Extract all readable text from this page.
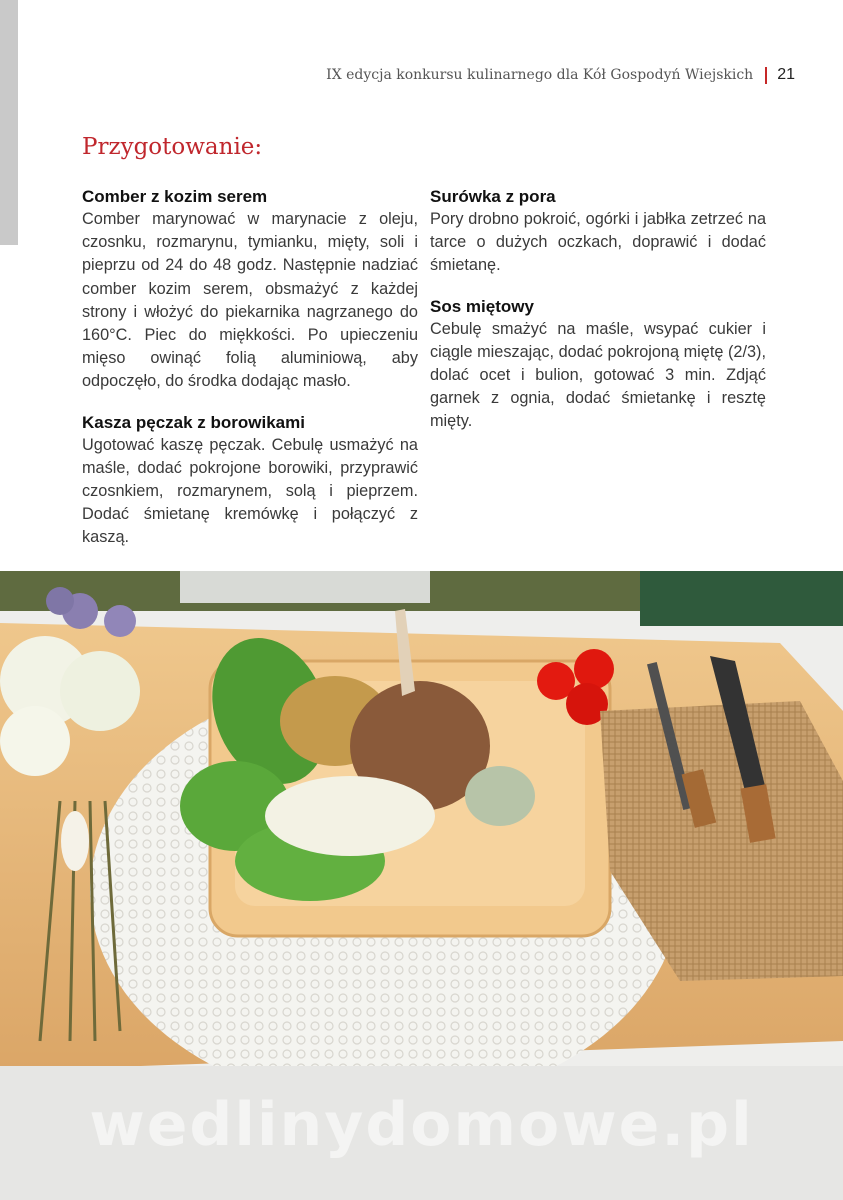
IX edycja konkursu kulinarnego dla Kół Gospodyń Wiejskich 21
Przygotowanie:
Comber z kozim serem

Comber marynować w marynacie z oleju, czosnku, rozmarynu, tymianku, mięty, soli i pieprzu od 24 do 48 godz. Następnie nadziać comber kozim serem, obsmażyć z każdej strony i włożyć do piekarnika nagrzanego do 160°C. Piec do miękkości. Po upieczeniu mięso owinąć folią aluminiową, aby odpoczęło, do środka dodając masło.

Kasza pęczak z borowikami

Ugotować kaszę pęczak. Cebulę usmażyć na maśle, dodać pokrojone borowiki, przyprawić czosnkiem, rozmarynem, solą i pieprzem. Dodać śmietanę kremówkę i połączyć z kaszą.

Surówka z pora

Pory drobno pokroić, ogórki i jabłka zetrzeć na tarce o dużych oczkach, doprawić i dodać śmietanę.

Sos miętowy

Cebulę smażyć na maśle, wsypać cukier i ciągle mieszając, dodać pokrojoną miętę (2/3), dolać ocet i bulion, gotować 3 min. Zdjąć garnek z ognia, dodać śmietankę i resztę mięty.

wedlinydomowe.pl
